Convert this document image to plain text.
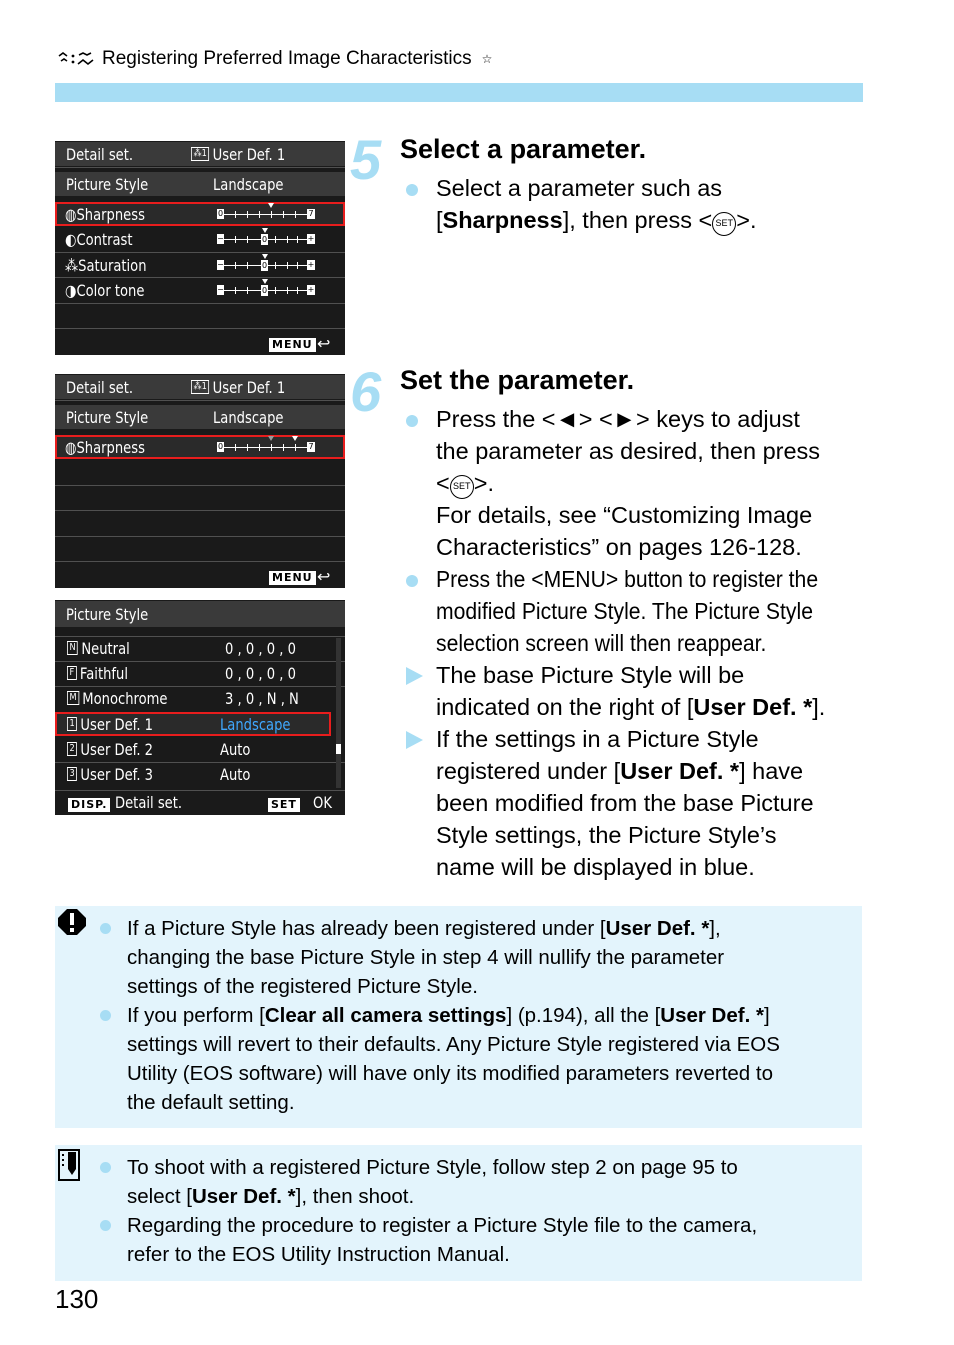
Registering Preferred Image Characteristics ☆
Detail set.	⁂1 User Def. 1
Picture Style	Landscape
◍Sharpness	0	7
◐Contrast	−	0	+
⁂Saturation	−	0	+
◑Color tone	−	0	+
MENU ↩
Detail set.	⁂1 User Def. 1
Picture Style	Landscape
◍Sharpness	0	7
MENU ↩
Picture Style
N Neutral	0 , 0 , 0 , 0
F Faithful	0 , 0 , 0 , 0
M Monochrome	3 , 0 , N , N
1 User Def. 1	Landscape
2 User Def. 2	Auto
3 User Def. 3	Auto
DISP. Detail set.	SET OK
5 Select a parameter.
Select a parameter such as
[Sharpness], then press < SET >.
6 Set the parameter.
Press the <◄> <►> keys to adjust
the parameter as desired, then press
< SET >.
For details, see “Customizing Image
Characteristics” on pages 126-128.
Press the <MENU> button to register the
modified Picture Style. The Picture Style
selection screen will then reappear.
The base Picture Style will be
indicated on the right of [User Def. *].
If the settings in a Picture Style
registered under [User Def. *] have
been modified from the base Picture
Style settings, the Picture Style’s
name will be displayed in blue.
If a Picture Style has already been registered under [User Def. *],
changing the base Picture Style in step 4 will nullify the parameter
settings of the registered Picture Style.
If you perform [Clear all camera settings] (p.194), all the [User Def. *]
settings will revert to their defaults. Any Picture Style registered via EOS
Utility (EOS software) will have only its modified parameters reverted to
the default setting.
To shoot with a registered Picture Style, follow step 2 on page 95 to
select [User Def. *], then shoot.
Regarding the procedure to register a Picture Style file to the camera,
refer to the EOS Utility Instruction Manual.
130
